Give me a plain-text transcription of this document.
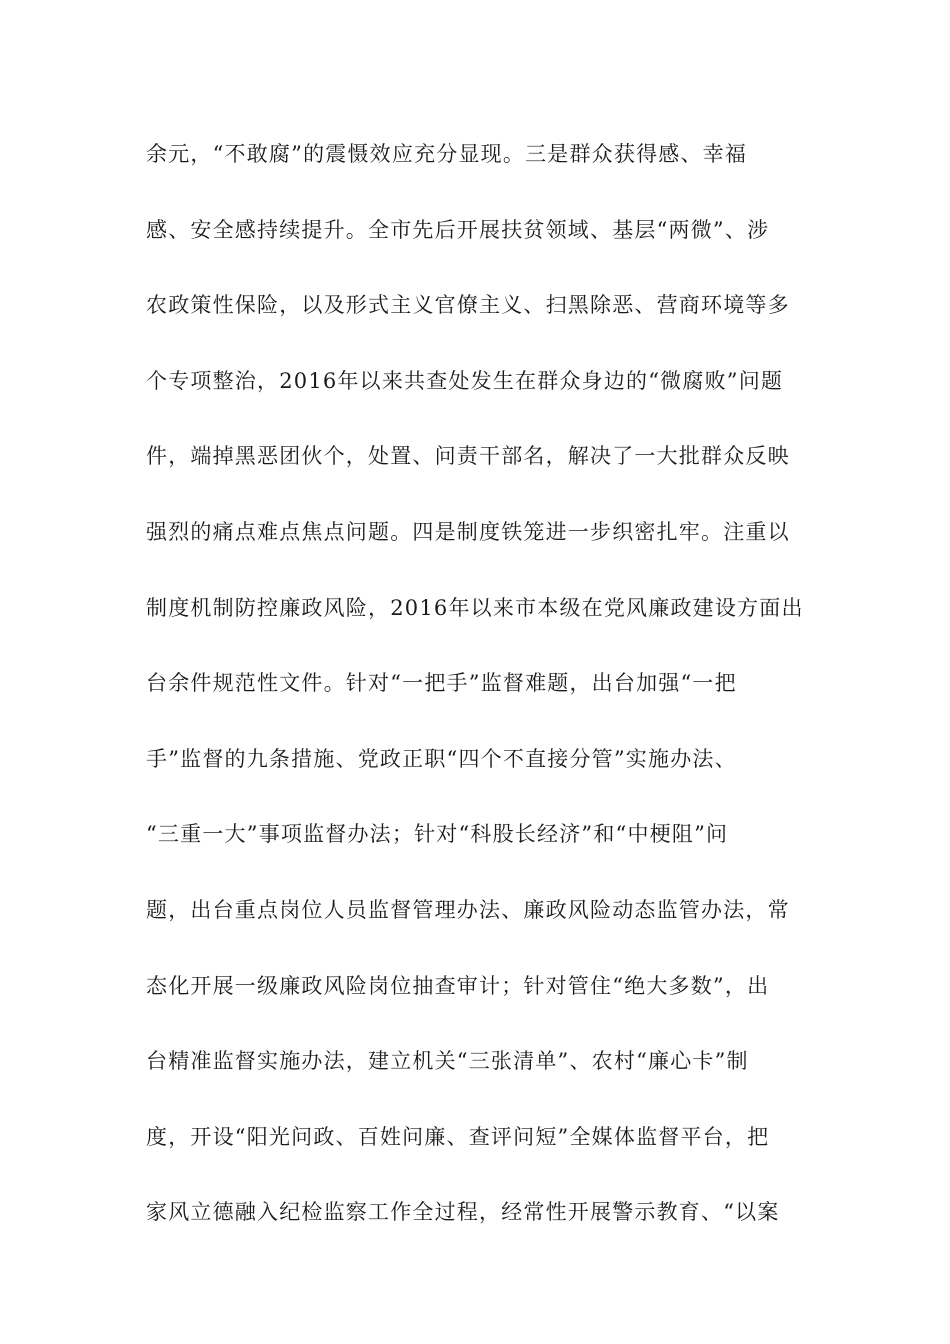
余元，“不敢腐”的震慑效应充分显现。三是群众获得感、幸福
感、安全感持续提升。全市先后开展扶贫领域、基层“两微”、涉
农政策性保险，以及形式主义官僚主义、扫黑除恶、营商环境等多
个专项整治，2016年以来共查处发生在群众身边的“微腐败”问题
件，端掉黑恶团伙个，处置、问责干部名，解决了一大批群众反映
强烈的痛点难点焦点问题。四是制度铁笼进一步织密扎牢。注重以
制度机制防控廉政风险，2016年以来市本级在党风廉政建设方面出
台余件规范性文件。针对“一把手”监督难题，出台加强“一把
手”监督的九条措施、党政正职“四个不直接分管”实施办法、
“三重一大”事项监督办法；针对“科股长经济”和“中梗阻”问
题，出台重点岗位人员监督管理办法、廉政风险动态监管办法，常
态化开展一级廉政风险岗位抽查审计；针对管住“绝大多数”，出
台精准监督实施办法，建立机关“三张清单”、农村“廉心卡”制
度，开设“阳光问政、百姓问廉、查评问短”全媒体监督平台，把
家风立德融入纪检监察工作全过程，经常性开展警示教育、“以案
